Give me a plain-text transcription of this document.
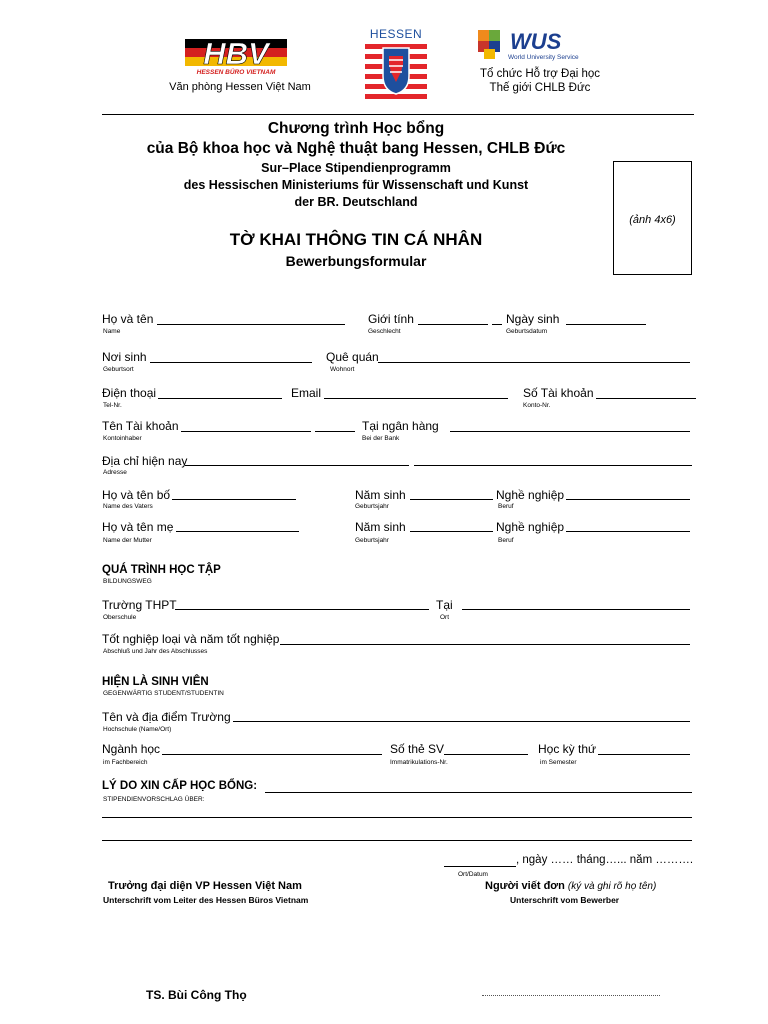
HBV
HESSEN BÜRO VIETNAM
Văn phòng Hessen Việt Nam
HESSEN	WUS
World University Service
Tổ chức Hỗ trợ Đại học
Thế giới CHLB Đức
Chương trình Học bổng
của Bộ khoa học và Nghệ thuật bang Hessen, CHLB Đức
Sur–Place Stipendienprogramm
des Hessischen Ministeriums für Wissenschaft und Kunst
der BR. Deutschland
TỜ KHAI THÔNG TIN CÁ NHÂN
Bewerbungsformular
(ảnh 4x6)
Họ và tên
Name
Giới tính
Geschlecht
Ngày sinh
Geburtsdatum
Nơi sinh
Geburtsort
Quê quán
Wohnort
Điện thoại
Tel-Nr.
Email	Số Tài khoản
Konto-Nr.
Tên Tài khoản
Kontoinhaber
Tại ngân hàng
Bei der Bank
Địa chỉ hiện nay
Adresse
Họ và tên bố
Name des Vaters
Năm sinh
Geburtsjahr
Nghề nghiệp
Beruf
Họ và tên mẹ
Name der Mutter
Năm sinh
Geburtsjahr
Nghề nghiệp
Beruf
QUÁ TRÌNH HỌC TẬP
BILDUNGSWEG
Trường THPT
Oberschule
Tại
Ort
Tốt nghiệp loại và năm tốt nghiệp
Abschluß und Jahr des Abschlusses
HIỆN LÀ SINH VIÊN
GEGENWÄRTIG STUDENT/STUDENTIN
Tên và địa điểm Trường
Hochschule (Name/Ort)
Ngành học
im Fachbereich
Số thẻ SV
Immatrikulations-Nr.
Học kỳ thứ
im Semester
LÝ DO XIN CẤP HỌC BỔNG:
STIPENDIENVORSCHLAG ÜBER:
, ngày …… tháng…... năm ……….
Ort/Datum
Trưởng đại diện VP Hessen Việt Nam
Unterschrift vom Leiter des Hessen Büros Vietnam
Người viết đơn (ký và ghi rõ họ tên)
Unterschrift vom Bewerber
TS. Bùi Công Thọ
